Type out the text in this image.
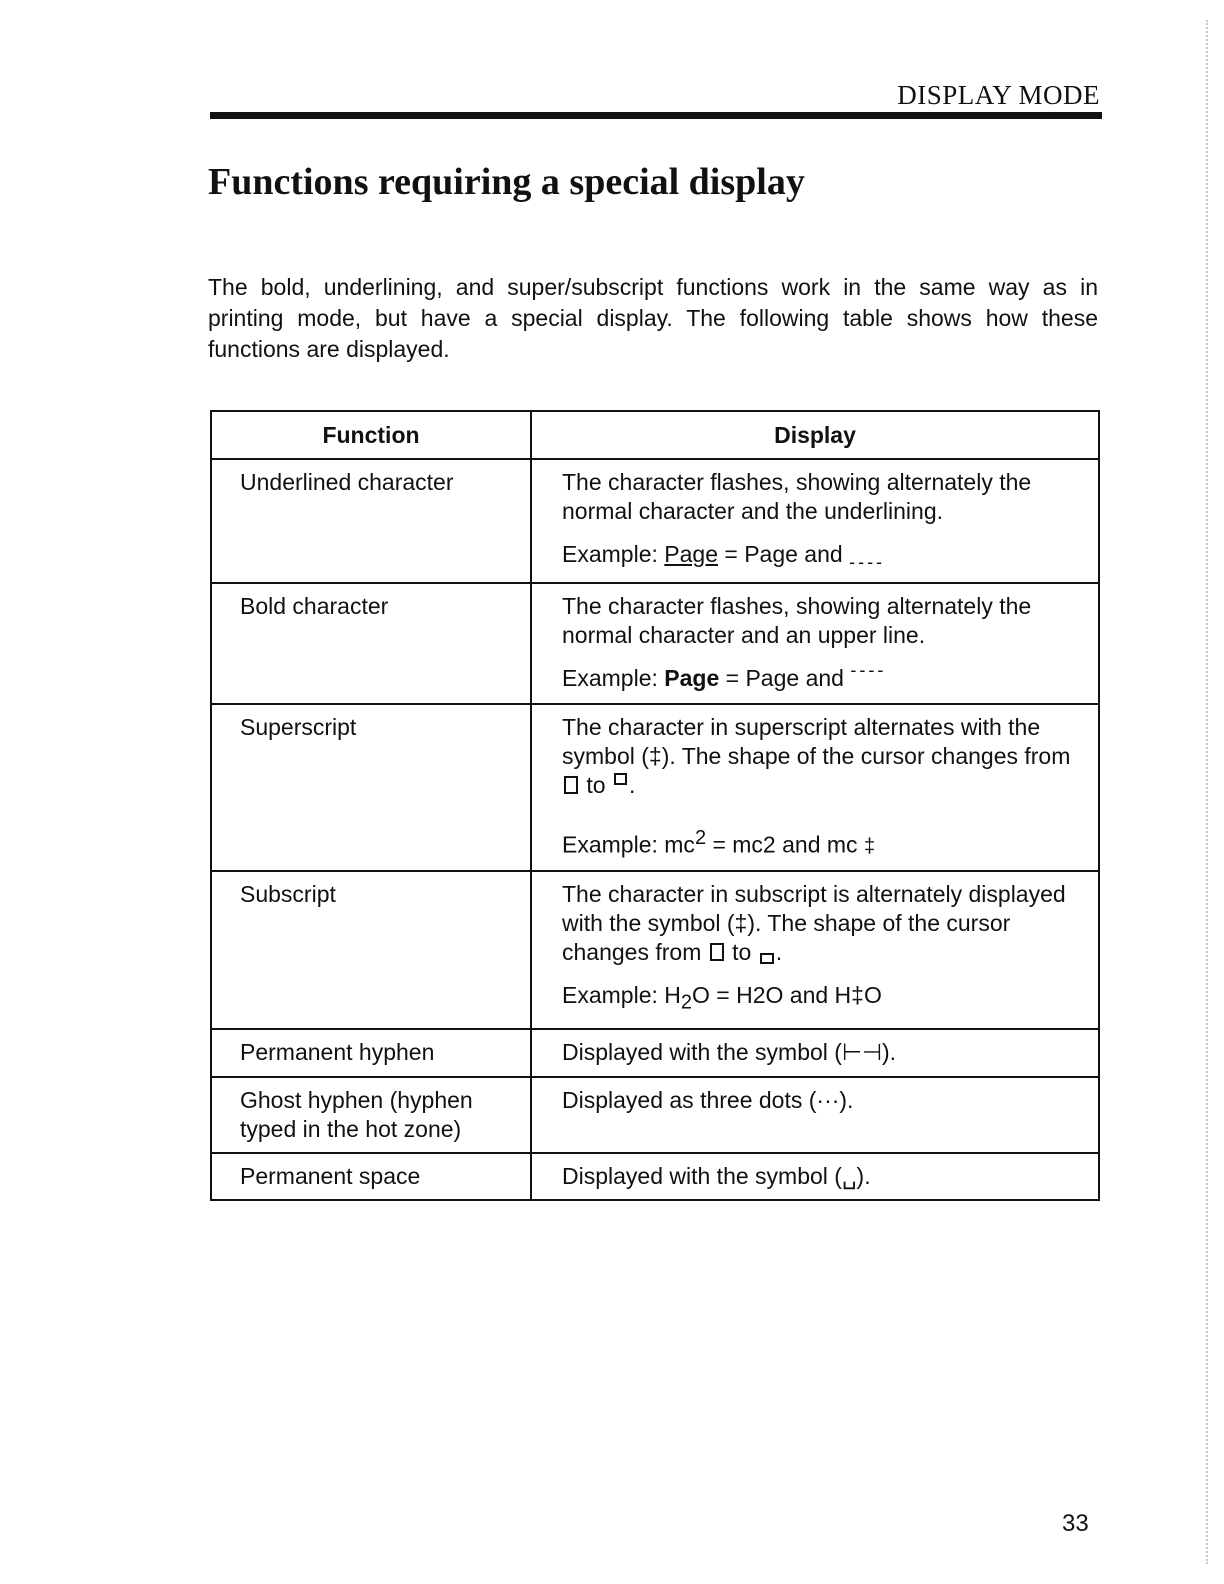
DISPLAY MODE
Functions requiring a special display

The bold, underlining, and super/subscript functions work in the same way as in printing mode, but have a special display. The following table shows how these functions are displayed.

Function	Display
Underlined character	The character flashes, showing alternately the normal character and the underlining.
Example: Page = Page and $_{----}$

Bold character	The character flashes, showing alternately the normal character and an upper line.
Example: Page = Page and ----

Superscript	The character in superscript alternates with the symbol (‡). The shape of the cursor changes from  to .
Example: $mc^2 = mc2$ and mc ‡

Subscript	The character in subscript is alternately displayed with the symbol (‡). The shape of the cursor changes from to .
Example: $H_2O = H2O$ and H‡O

Permanent hyphen	Displayed with the symbol (⊢⊣).
Ghost hyphen (hyphen typed in the hot zone)	Displayed as three dots (···).
Permanent space	Displayed with the symbol (␣).
33
